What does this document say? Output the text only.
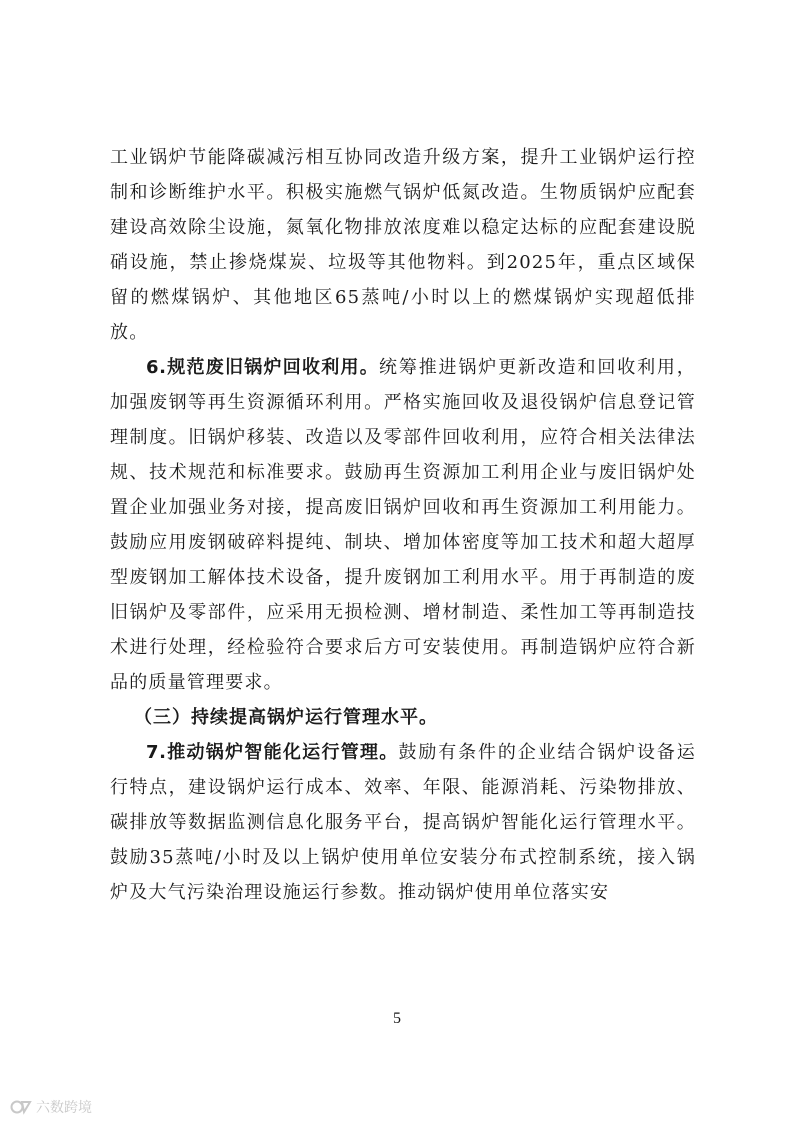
工业锅炉节能降碳减污相互协同改造升级方案，提升工业锅炉运行控制和诊断维护水平。积极实施燃气锅炉低氮改造。生物质锅炉应配套建设高效除尘设施，氮氧化物排放浓度难以稳定达标的应配套建设脱硝设施，禁止掺烧煤炭、垃圾等其他物料。到2025年，重点区域保留的燃煤锅炉、其他地区65蒸吨/小时以上的燃煤锅炉实现超低排放。

6.规范废旧锅炉回收利用。统筹推进锅炉更新改造和回收利用，加强废钢等再生资源循环利用。严格实施回收及退役锅炉信息登记管理制度。旧锅炉移装、改造以及零部件回收利用，应符合相关法律法规、技术规范和标准要求。鼓励再生资源加工利用企业与废旧锅炉处置企业加强业务对接，提高废旧锅炉回收和再生资源加工利用能力。鼓励应用废钢破碎料提纯、制块、增加体密度等加工技术和超大超厚型废钢加工解体技术设备，提升废钢加工利用水平。用于再制造的废旧锅炉及零部件，应采用无损检测、增材制造、柔性加工等再制造技术进行处理，经检验符合要求后方可安装使用。再制造锅炉应符合新品的质量管理要求。

（三）持续提高锅炉运行管理水平。

7.推动锅炉智能化运行管理。鼓励有条件的企业结合锅炉设备运行特点，建设锅炉运行成本、效率、年限、能源消耗、污染物排放、碳排放等数据监测信息化服务平台，提高锅炉智能化运行管理水平。鼓励35蒸吨/小时及以上锅炉使用单位安装分布式控制系统，接入锅炉及大气污染治理设施运行参数。推动锅炉使用单位落实安

5
六数跨境
